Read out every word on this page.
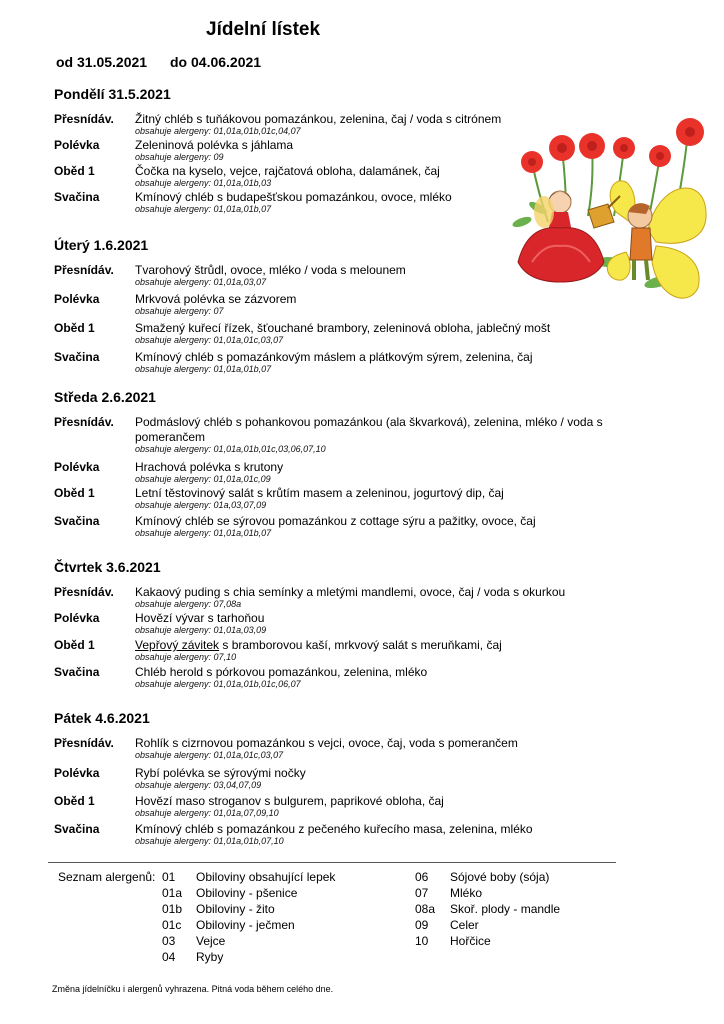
Jídelní lístek
od 31.05.2021 do 04.06.2021
Pondělí 31.5.2021
Přesnídáv. Žitný chléb s tuňákovou pomazánkou, zelenina, čaj / voda s citrónem
obsahuje alergeny: 01,01a,01b,01c,04,07
Polévka	Zeleninová polévka s jáhlama
obsahuje alergeny: 09
Oběd 1	Čočka na kyselo, vejce, rajčatová obloha, dalamánek, čaj
obsahuje alergeny: 01,01a,01b,03
Svačina	Kmínový chléb s budapešťskou pomazánkou, ovoce, mléko
obsahuje alergeny: 01,01a,01b,07
Úterý 1.6.2021
Přesnídáv. Tvarohový štrůdl, ovoce, mléko / voda s melounem
obsahuje alergeny: 01,01a,03,07
Polévka	Mrkvová polévka se zázvorem
obsahuje alergeny: 07
Oběd 1	Smažený kuřecí řízek, šťouchané brambory, zeleninová obloha, jablečný mošt
obsahuje alergeny: 01,01a,01c,03,07
Svačina	Kmínový chléb s pomazánkovým máslem a plátkovým sýrem, zelenina, čaj
obsahuje alergeny: 01,01a,01b,07
Středa 2.6.2021
Přesnídáv. Podmáslový chléb s pohankovou pomazánkou (ala škvarková), zelenina, mléko / voda s pomerančem
obsahuje alergeny: 01,01a,01b,01c,03,06,07,10
Polévka	Hrachová polévka s krutony
obsahuje alergeny: 01,01a,01c,09
Oběd 1	Letní těstovinový salát s krůtím masem a zeleninou, jogurtový dip, čaj
obsahuje alergeny: 01a,03,07,09
Svačina	Kmínový chléb se sýrovou pomazánkou z cottage sýru a pažitky, ovoce, čaj
obsahuje alergeny: 01,01a,01b,07
Čtvrtek 3.6.2021
Přesnídáv. Kakaový puding s chia semínky a mletými mandlemi, ovoce, čaj / voda s okurkou
obsahuje alergeny: 07,08a
Polévka	Hovězí vývar s tarhoňou
obsahuje alergeny: 01,01a,03,09
Oběd 1	Vepřový závitek s bramborovou kaší, mrkvový salát s meruňkami, čaj
obsahuje alergeny: 07,10
Svačina	Chléb herold s pórkovou pomazánkou, zelenina, mléko
obsahuje alergeny: 01,01a,01b,01c,06,07
Pátek 4.6.2021
Přesnídáv. Rohlík s cizrnovou pomazánkou s vejci, ovoce, čaj, voda s pomerančem
obsahuje alergeny: 01,01a,01c,03,07
Polévka	Rybí polévka se sýrovými nočky
obsahuje alergeny: 03,04,07,09
Oběd 1	Hovězí maso stroganov s bulgurem, paprikové obloha, čaj
obsahuje alergeny: 01,01a,07,09,10
Svačina	Kmínový chléb s pomazánkou z pečeného kuřecího masa, zelenina, mléko
obsahuje alergeny: 01,01a,01b,07,10
Seznam alergenů: 01 Obiloviny obsahující lepek
01a Obiloviny - pšenice
01b Obiloviny - žito
01c Obiloviny - ječmen
03 Vejce
04 Ryby
06 Sójové boby (sója)
07 Mléko
08a Skoř. plody - mandle
09 Celer
10 Hořčice
Změna jídelníčku i alergenů vyhrazena. Pitná voda během celého dne.
